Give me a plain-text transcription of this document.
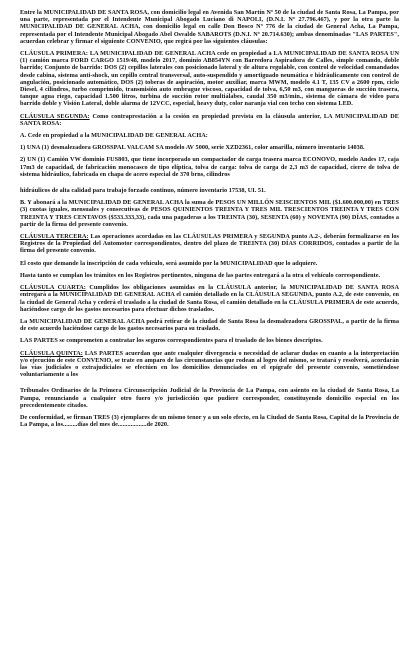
Entre la MUNICIPALIDAD DE SANTA ROSA, con domicilio legal en Avenida San Martín Nº 50 de la ciudad de Santa Rosa, La Pampa, por una parte, representada por el Intendente Municipal Abogado Luciano di NAPOLI, (D.N.I. Nº 27.796.467), y por la otra parte la MUNICIPALIDAD DE GENERAL ACHA, con domicilio legal en calle Don Bosco Nº 776 de la ciudad de General Acha, La Pampa, representada por el Intendente Municipal Abogado Abel Osvaldo SABAROTS (D.N.I. Nº 20.714.630); ambas denominadas "LAS PARTES", acuerdan celebrar y firmar el siguiente CONVENIO, que regirá por las siguientes cláusulas:

CLÁUSULA PRIMERA: LA MUNICIPALIDAD DE GENERAL ACHA cede en propiedad a LA MUNICIPALIDAD DE SANTA ROSA UN (1) camión marca FORD CARGO 1519/48, modelo 2017, dominio AB854YN con Barredora Aspiradora de Calles, simple comando, doble barrido; Conjunto de barrido: DOS (2) cepillos laterales con posicionado lateral y de altura regulable, con control de velocidad comandados desde cabina, sistema anti-shock, un cepillo central transversal, auto-suspendido y amortiguado neumática e hidráulicamente con control de angulación, posicionado automático, DOS (2) toberas de aspiración, motor auxiliar, marca MWM, modelo 4.1 T, 135 CV a 2600 rpm, ciclo Diesel, 4 cilindros, turbo comprimido, transmisión auto embrague viscoso, capacidad de tolva, 6,50 m3, con mangueras de succión trasera, tanque agua riego, capacidad 1.500 litros, turbina de succión rotor multiálabes, caudal 350 m3/min., sistema de cámara de video para barrido doble y Visión Lateral, doble alarma de 12VCC, especial, heavy duty, color naranja vial con techo con sistema LED.

CLÁUSULA SEGUNDA: Como contraprestación a la cesión en propiedad prevista en la cláusula anterior, LA MUNICIPALIDAD DE SANTA ROSA:

A. Cede en propiedad a la MUNICIPALIDAD DE GENERAL ACHA:

1) UNA (1) desmalezadora GROSSPAL VALCAM SA modelo AV 5000, serie XZD2361, color amarilla, número inventario 14038.

2) UN (1) Camión VW dominio FUS803, que tiene incorporado un compactador de carga trasera marca ECONOVO, modelo Andes 17, caja 17m3 de capacidad, de fabricación monocasco de tipo elíptica, tolva de carga: tolva de carga de 2,3 m3 de capacidad, cierre de tolva de sistema hidráulico, fabricada en chapa de acero especial de 370 brns, cilindros

hidráulicos de alta calidad para trabajo forzado continuo, número inventario 17538, UI. 51.

B. Y abonará a la MUNICIPALIDAD DE GENERAL ACHA la suma de PESOS UN MILLÓN SEISCIENTOS MIL ($1.600.000,00) en TRES (3) cuotas iguales, mensuales y consecutivas de PESOS QUINIENTOS TREINTA Y TRES MIL TRESCIENTOS TREINTA Y TRES CON TREINTA Y TRES CENTAVOS ($533.333,33), cada una pagaderas a los TREINTA (30), SESENTA (60) y NOVENTA (90) DÍAS, contados a partir de la firma del presente convenio.

CLÁUSULA TERCERA: Las operaciones acordadas en las CLÁUSULAS PRIMERA y SEGUNDA punto A.2-, deberán formalizarse en los Registros de la Propiedad del Automotor correspondientes, dentro del plazo de TREINTA (30) DÍAS CORRIDOS, contados a partir de la firma del presente convenio.

El costo que demande la inscripción de cada vehículo, será asumido por la MUNICIPALIDAD que lo adquiere.

Hasta tanto se cumplan los trámites en los Registros pertinentes, ninguna de las partes entregará a la otra el vehículo correspondiente.

CLÁUSULA CUARTA: Cumplidos los obligaciones asumidas en la CLÁUSULA anterior, la MUNICIPALIDAD DE SANTA ROSA entregará a la MUNICIPALIDAD DE GENERAL ACHA el camión detallado en la CLÁUSULA SEGUNDA, punto A.2, de este convenio, en la ciudad de General Acha y cederá el traslado a la ciudad de Santa Rosa, el camión detallado en la CLÁUSULA PRIMERA de este acuerdo, haciéndose cargo de los gastos necesarios para efectuar dichos traslados.

La MUNICIPALIDAD DE GENERAL ACHA podrá retirar de la ciudad de Santa Rosa la desmalezadora GROSSPAL, a partir de la firma de este acuerdo haciéndose cargo de los gastos necesarios para su traslado.

LAS PARTES se comprometen a contratar los seguros correspondientes para el traslado de los bienes descriptos.

CLÁUSULA QUINTA: LAS PARTES acuerdan que ante cualquier divergencia o necesidad de aclarar dudas en cuanto a la interpretación y/o ejecución de este CONVENIO, se trate en amparo de las circunstancias que rodean al logro del mismo, se tratará y resolverá, acordarán las vías judiciales o extrajudiciales se efectúen en los domicilios denunciados en el epígrafe del presente convenio, sometiéndose voluntariamente a los

Tribunales Ordinarios de la Primera Circunscripción Judicial de la Provincia de La Pampa, con asiento en la ciudad de Santa Rosa, La Pampa, renunciando a cualquier otro fuero y/o jurisdicción que pudiere corresponder, constituyendo domicilio especial en los precedentemente citados.

De conformidad, se firman TRES (3) ejemplares de un mismo tenor y a un solo efecto, en la Ciudad de Santa Rosa, Capital de la Provincia de La Pampa, a los.........días del mes de..................de 2020.
